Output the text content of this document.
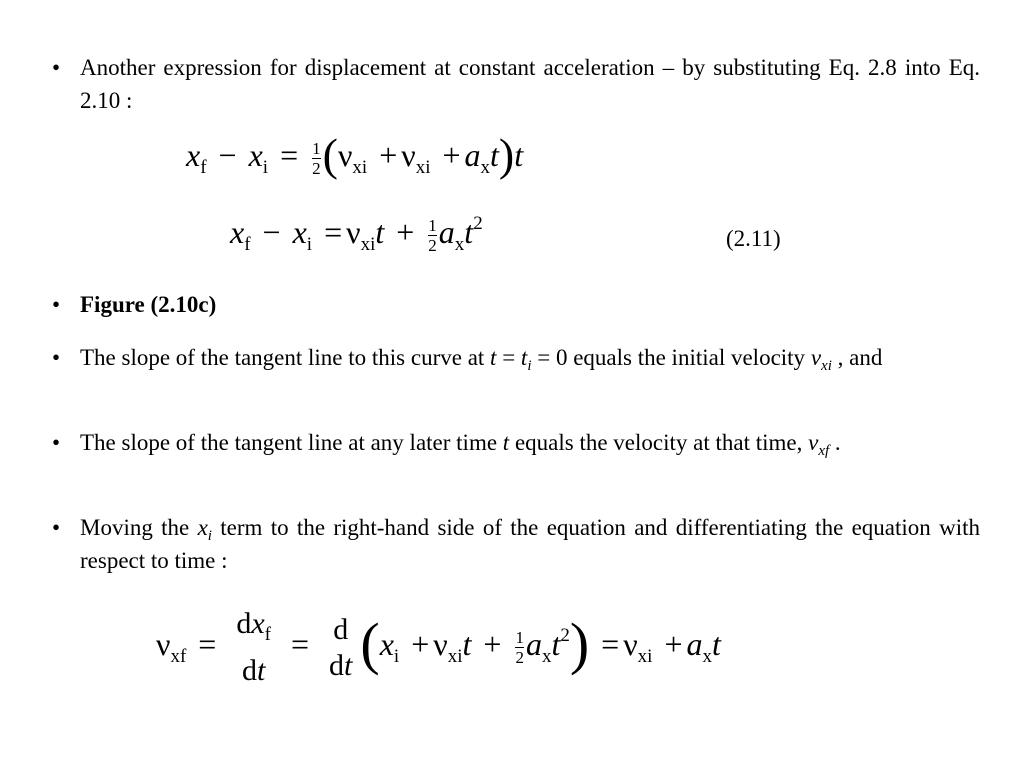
• Another expression for displacement at constant acceleration – by substituting Eq. 2.8 into Eq. 2.10 :
$x_f - x_i = \frac{1}{2} (\nu_{xi} + \nu_{xi} + a_xt)t$
$x_f - x_i = \nu_{xi}t + \frac{1}{2} a_xt^2$
(2.11)
• Figure (2.10c)
• The slope of the tangent line to this curve at $t = t_i = 0$ equals the initial velocity $v_{xi}$ , and
• The slope of the tangent line at any later time t equals the velocity at that time, $v_{xf}$ .
• Moving the $x_i$ term to the right-hand side of the equation and differentiating the equation with respect to time :
$\nu_{xf}$ =
$dx_f$
dt
= d
dt $(x_i + \nu_{xi}t + \frac{1}{2} a_xt^2) = \nu_{xi} + a_xt$
